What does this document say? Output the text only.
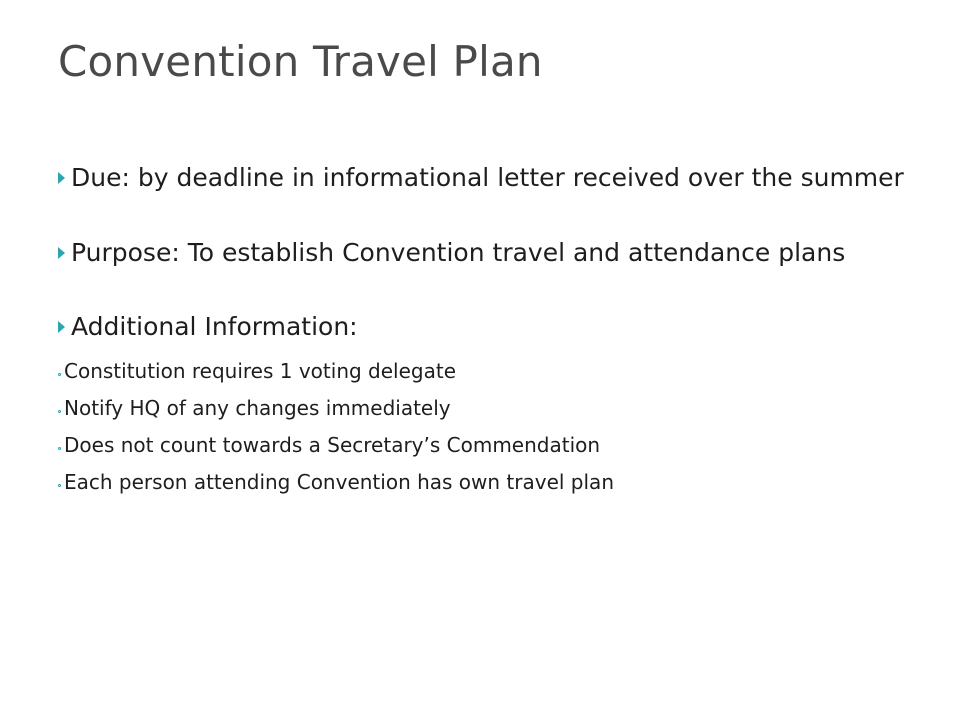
Convention Travel Plan
Due: by deadline in informational letter received over the summer
Purpose: To establish Convention travel and attendance plans
Additional Information:
Constitution requires 1 voting delegate
Notify HQ of any changes immediately
Does not count towards a Secretary’s Commendation
Each person attending Convention has own travel plan
